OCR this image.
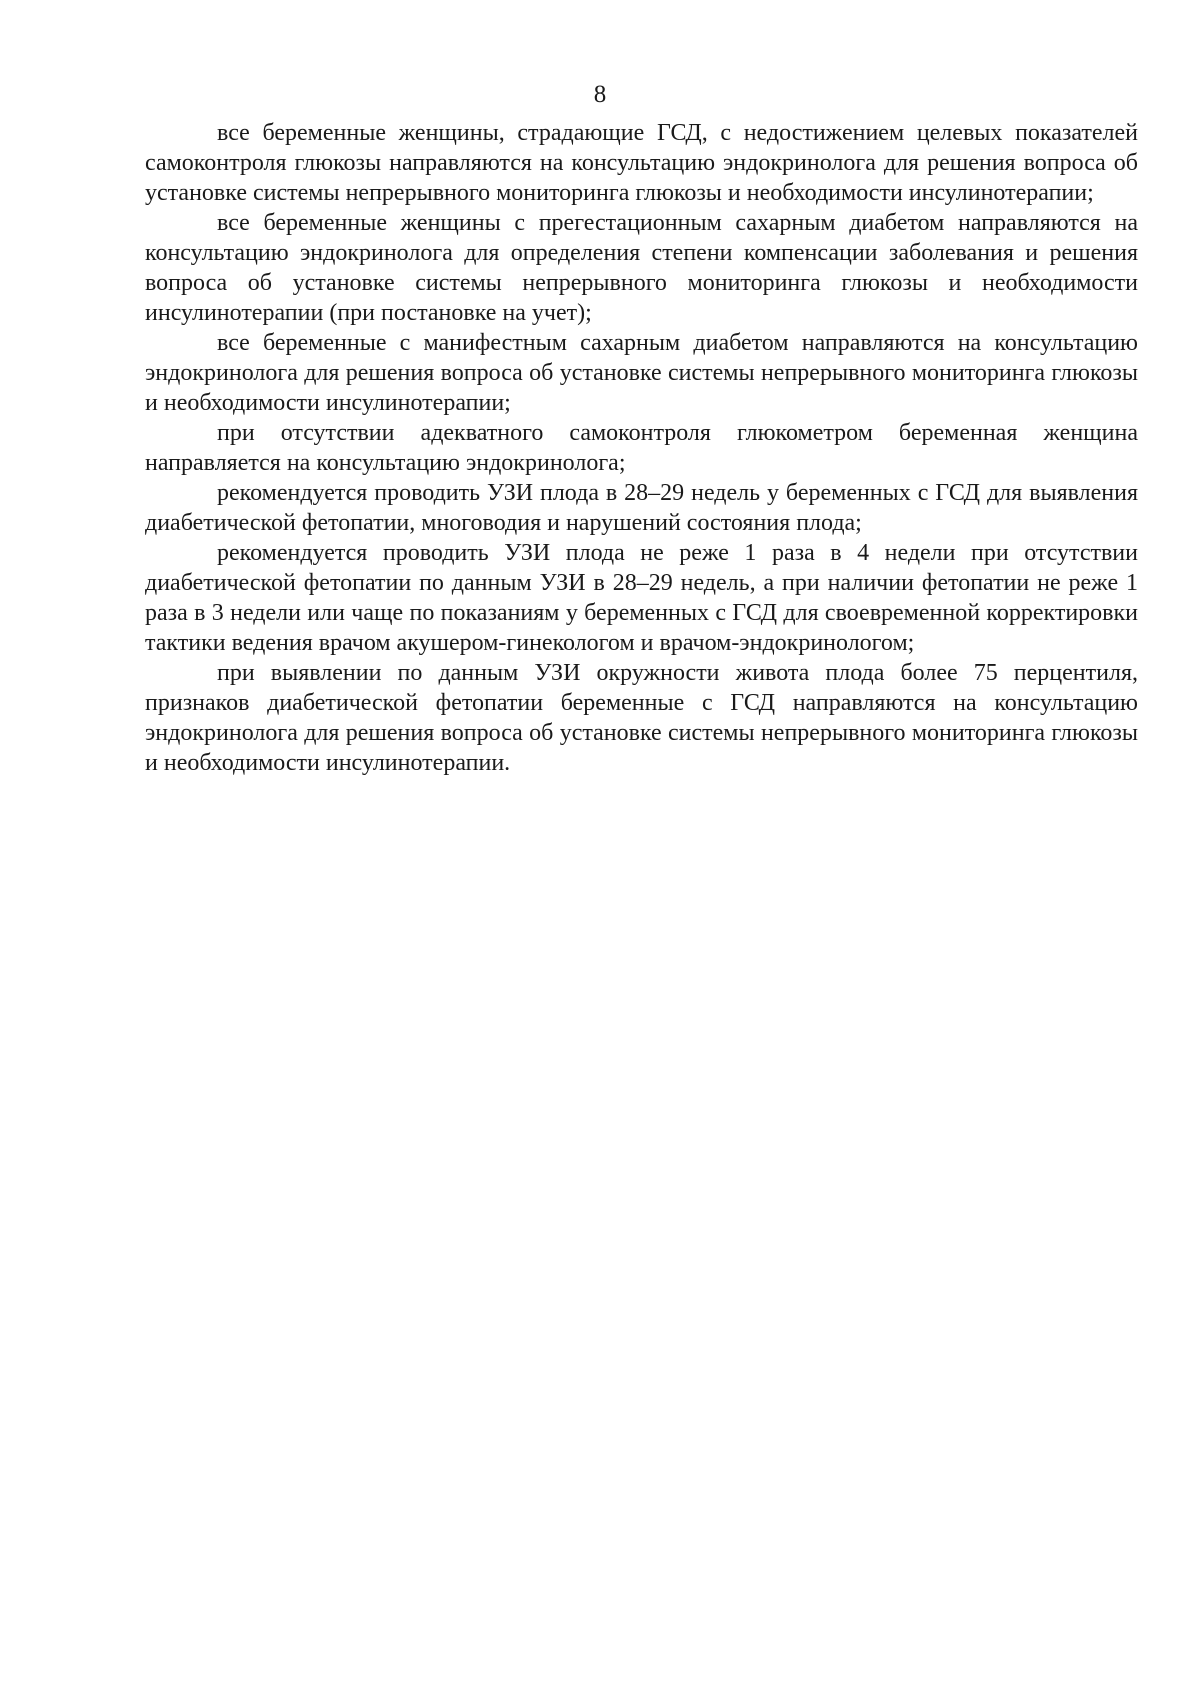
8

все беременные женщины, страдающие ГСД, с недостижением целевых показателей самоконтроля глюкозы направляются на консультацию эндокринолога для решения вопроса об установке системы непрерывного мониторинга глюкозы и необходимости инсулинотерапии;

все беременные женщины с прегестационным сахарным диабетом направляются на консультацию эндокринолога для определения степени компенсации заболевания и решения вопроса об установке системы непрерывного мониторинга глюкозы и необходимости инсулинотерапии (при постановке на учет);

все беременные с манифестным сахарным диабетом направляются на консультацию эндокринолога для решения вопроса об установке системы непрерывного мониторинга глюкозы и необходимости инсулинотерапии;

при отсутствии адекватного самоконтроля глюкометром беременная женщина направляется на консультацию эндокринолога;

рекомендуется проводить УЗИ плода в 28–29 недель у беременных с ГСД для выявления диабетической фетопатии, многоводия и нарушений состояния плода;

рекомендуется проводить УЗИ плода не реже 1 раза в 4 недели при отсутствии диабетической фетопатии по данным УЗИ в 28–29 недель, а при наличии фетопатии не реже 1 раза в 3 недели или чаще по показаниям у беременных с ГСД для своевременной корректировки тактики ведения врачом акушером-гинекологом и врачом-эндокринологом;

при выявлении по данным УЗИ окружности живота плода более 75 перцентиля, признаков диабетической фетопатии беременные с ГСД направляются на консультацию эндокринолога для решения вопроса об установке системы непрерывного мониторинга глюкозы и необходимости инсулинотерапии.
